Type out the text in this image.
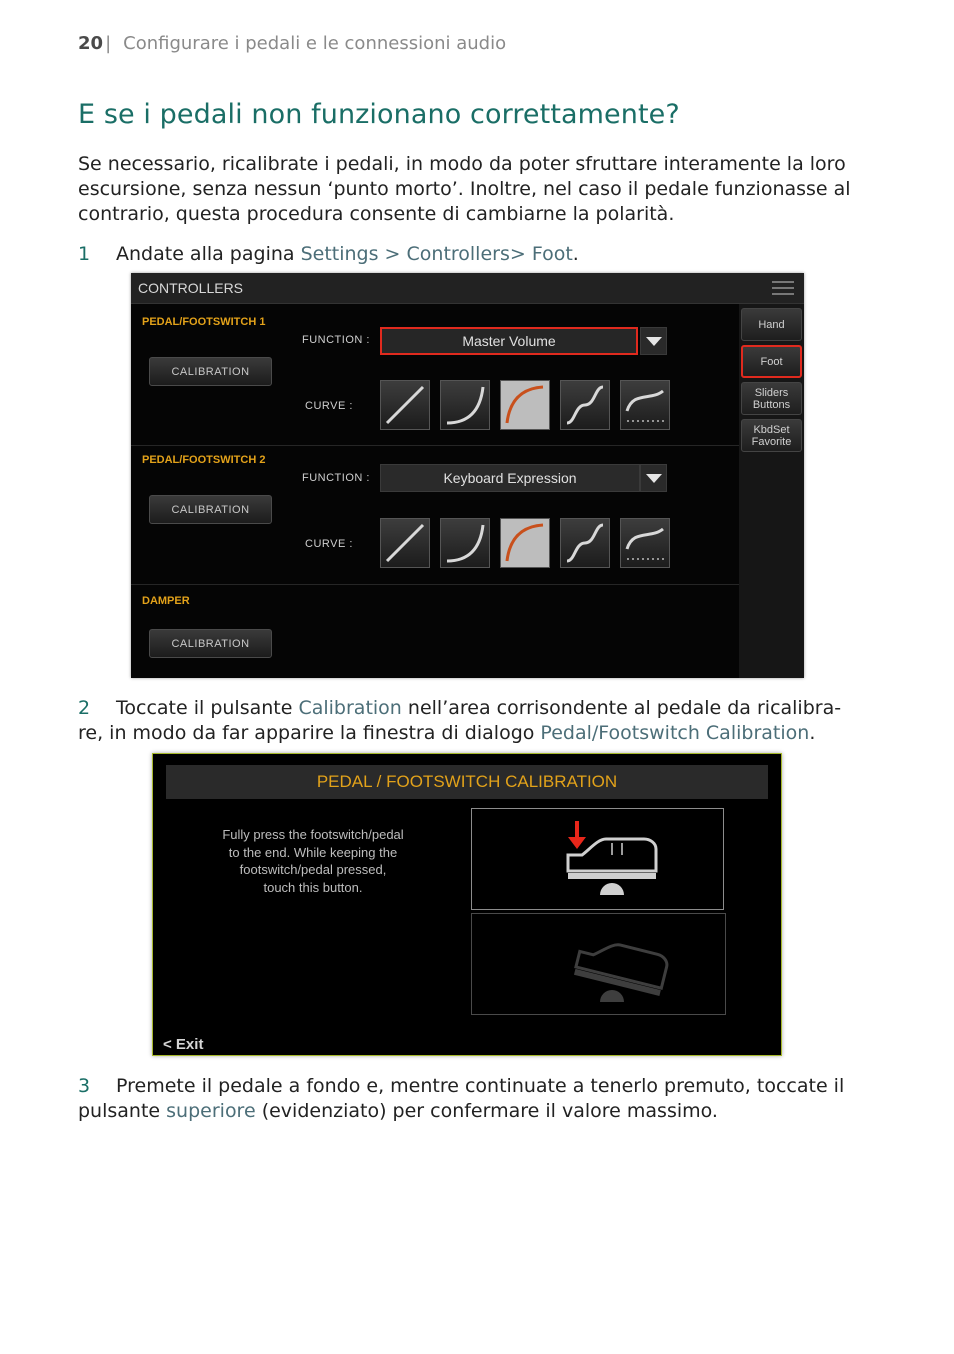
20 | Configurare i pedali e le connessioni audio
E se i pedali non funzionano correttamente?
Se necessario, ricalibrate i pedali, in modo da poter sfruttare interamente la loro
escursione, senza nessun ‘punto morto’. Inoltre, nel caso il pedale funzionasse al
contrario, questa procedura consente di cambiarne la polarità.
1 Andate alla pagina Settings > Controllers> Foot.
CONTROLLERS
Hand
Foot
Sliders
Buttons
KbdSet
Favorite
PEDAL/FOOTSWITCH 1
CALIBRATION
FUNCTION :	Master Volume
CURVE :
PEDAL/FOOTSWITCH 2
CALIBRATION
FUNCTION :	Keyboard Expression
CURVE :
DAMPER
CALIBRATION
2 Toccate il pulsante Calibration nell’area corrisondente al pedale da ricalibra-
re, in modo da far apparire la finestra di dialogo Pedal/Footswitch Calibration.
PEDAL / FOOTSWITCH CALIBRATION
Fully press the footswitch/pedal
to the end. While keeping the
footswitch/pedal pressed,
touch this button.
< Exit
3 Premete il pedale a fondo e, mentre continuate a tenerlo premuto, toccate il
pulsante superiore (evidenziato) per confermare il valore massimo.
